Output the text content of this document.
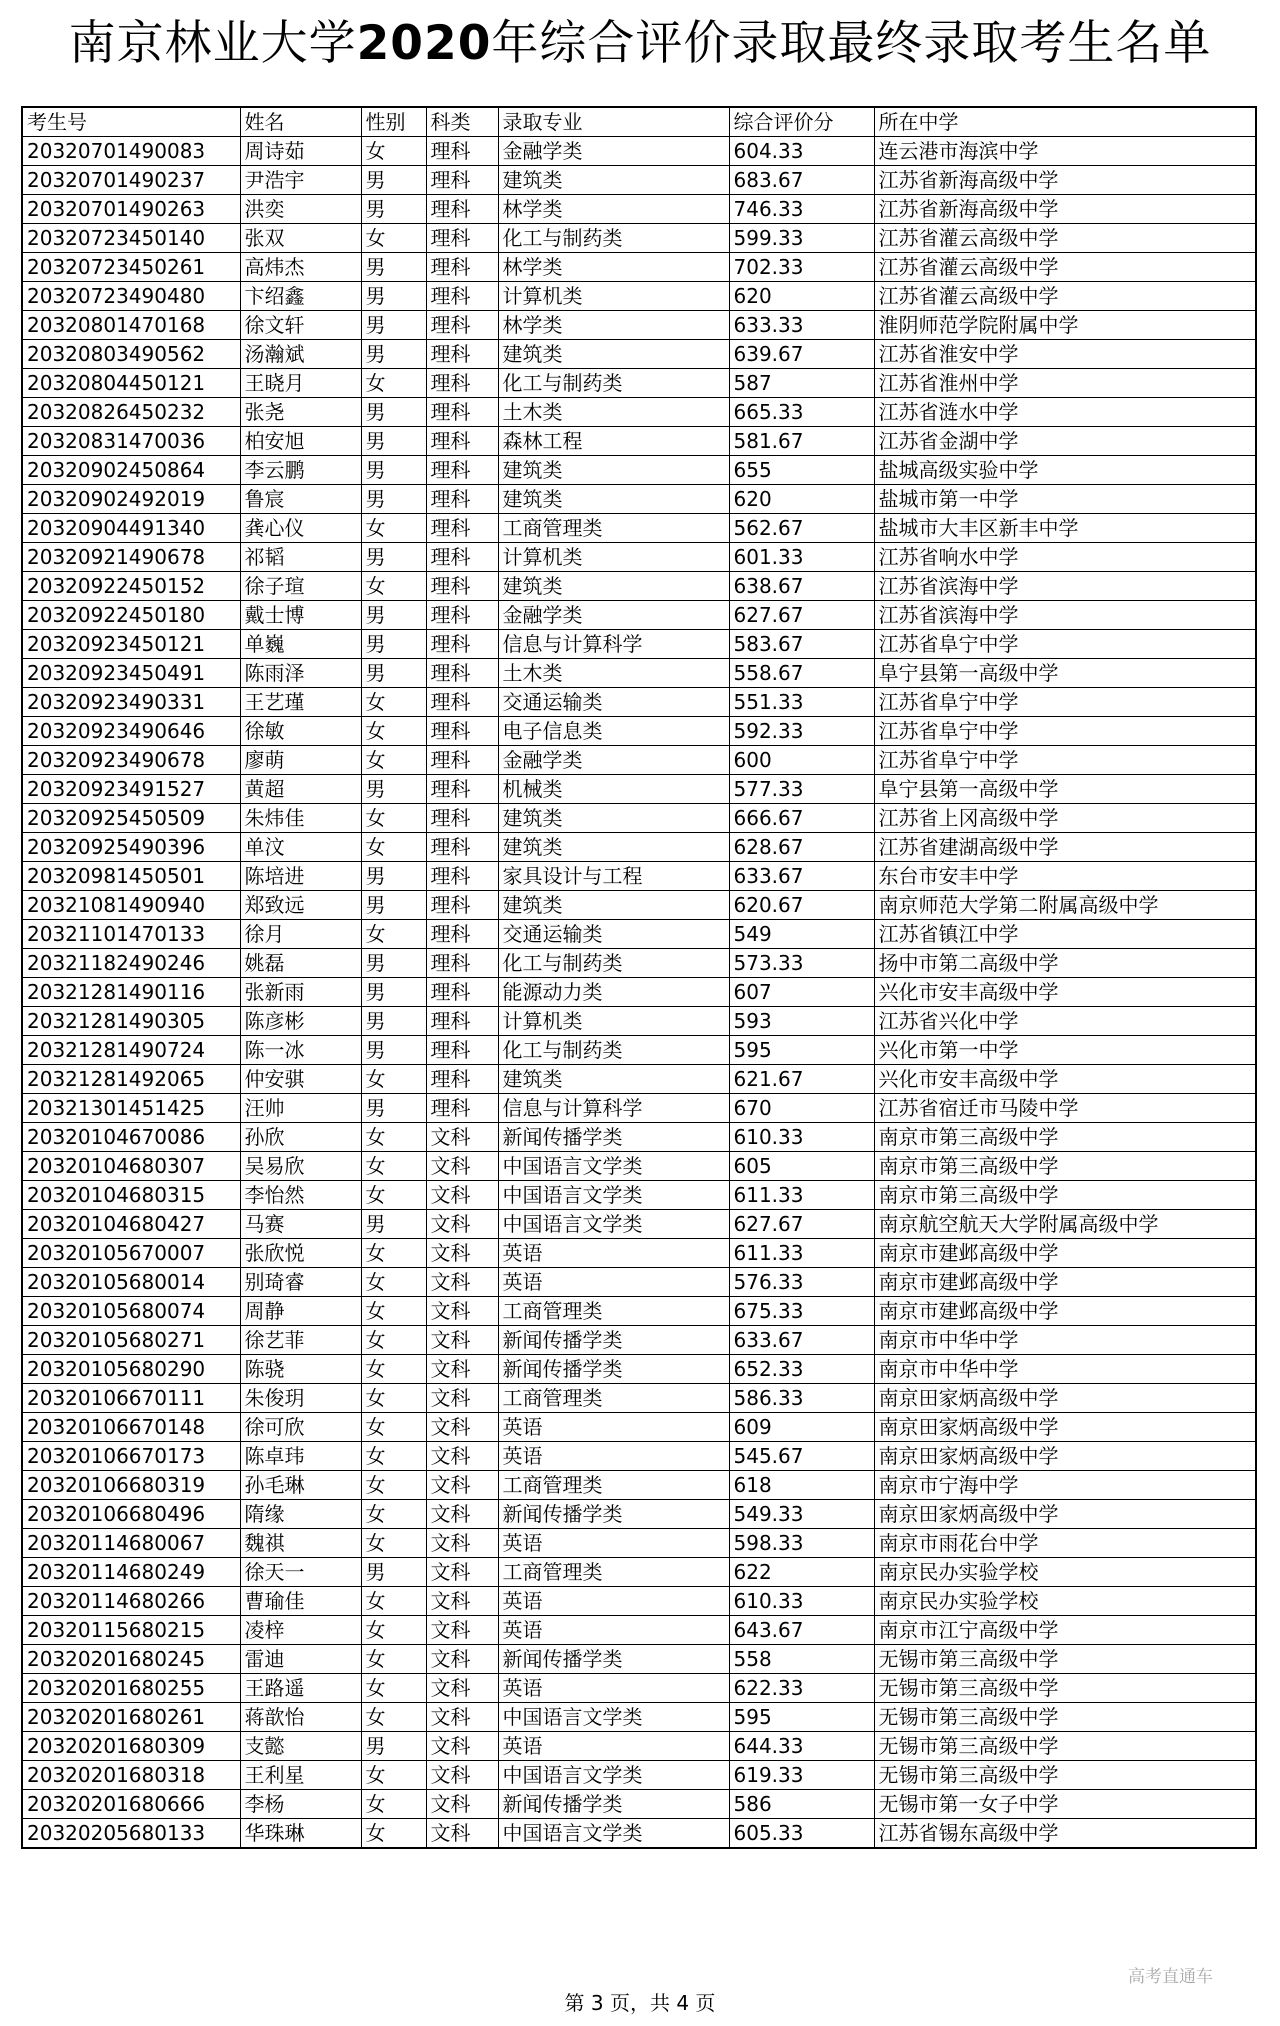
南京林业大学2020年综合评价录取最终录取考生名单
考生号	姓名	性别	科类	录取专业	综合评价分	所在中学
20320701490083	周诗茹	女	理科	金融学类	604.33	连云港市海滨中学
20320701490237	尹浩宇	男	理科	建筑类	683.67	江苏省新海高级中学
20320701490263	洪奕	男	理科	林学类	746.33	江苏省新海高级中学
20320723450140	张双	女	理科	化工与制药类	599.33	江苏省灌云高级中学
20320723450261	高炜杰	男	理科	林学类	702.33	江苏省灌云高级中学
20320723490480	卞绍鑫	男	理科	计算机类	620	江苏省灌云高级中学
20320801470168	徐文轩	男	理科	林学类	633.33	淮阴师范学院附属中学
20320803490562	汤瀚斌	男	理科	建筑类	639.67	江苏省淮安中学
20320804450121	王晓月	女	理科	化工与制药类	587	江苏省淮州中学
20320826450232	张尧	男	理科	土木类	665.33	江苏省涟水中学
20320831470036	柏安旭	男	理科	森林工程	581.67	江苏省金湖中学
20320902450864	李云鹏	男	理科	建筑类	655	盐城高级实验中学
20320902492019	鲁宸	男	理科	建筑类	620	盐城市第一中学
20320904491340	龚心仪	女	理科	工商管理类	562.67	盐城市大丰区新丰中学
20320921490678	祁韬	男	理科	计算机类	601.33	江苏省响水中学
20320922450152	徐子瑄	女	理科	建筑类	638.67	江苏省滨海中学
20320922450180	戴士博	男	理科	金融学类	627.67	江苏省滨海中学
20320923450121	单巍	男	理科	信息与计算科学	583.67	江苏省阜宁中学
20320923450491	陈雨泽	男	理科	土木类	558.67	阜宁县第一高级中学
20320923490331	王艺瑾	女	理科	交通运输类	551.33	江苏省阜宁中学
20320923490646	徐敏	女	理科	电子信息类	592.33	江苏省阜宁中学
20320923490678	廖萌	女	理科	金融学类	600	江苏省阜宁中学
20320923491527	黄超	男	理科	机械类	577.33	阜宁县第一高级中学
20320925450509	朱炜佳	女	理科	建筑类	666.67	江苏省上冈高级中学
20320925490396	单汶	女	理科	建筑类	628.67	江苏省建湖高级中学
20320981450501	陈培进	男	理科	家具设计与工程	633.67	东台市安丰中学
20321081490940	郑致远	男	理科	建筑类	620.67	南京师范大学第二附属高级中学
20321101470133	徐月	女	理科	交通运输类	549	江苏省镇江中学
20321182490246	姚磊	男	理科	化工与制药类	573.33	扬中市第二高级中学
20321281490116	张新雨	男	理科	能源动力类	607	兴化市安丰高级中学
20321281490305	陈彦彬	男	理科	计算机类	593	江苏省兴化中学
20321281490724	陈一冰	男	理科	化工与制药类	595	兴化市第一中学
20321281492065	仲安骐	女	理科	建筑类	621.67	兴化市安丰高级中学
20321301451425	汪帅	男	理科	信息与计算科学	670	江苏省宿迁市马陵中学
20320104670086	孙欣	女	文科	新闻传播学类	610.33	南京市第三高级中学
20320104680307	吴易欣	女	文科	中国语言文学类	605	南京市第三高级中学
20320104680315	李怡然	女	文科	中国语言文学类	611.33	南京市第三高级中学
20320104680427	马赛	男	文科	中国语言文学类	627.67	南京航空航天大学附属高级中学
20320105670007	张欣悦	女	文科	英语	611.33	南京市建邺高级中学
20320105680014	别琦睿	女	文科	英语	576.33	南京市建邺高级中学
20320105680074	周静	女	文科	工商管理类	675.33	南京市建邺高级中学
20320105680271	徐艺菲	女	文科	新闻传播学类	633.67	南京市中华中学
20320105680290	陈骁	女	文科	新闻传播学类	652.33	南京市中华中学
20320106670111	朱俊玥	女	文科	工商管理类	586.33	南京田家炳高级中学
20320106670148	徐可欣	女	文科	英语	609	南京田家炳高级中学
20320106670173	陈卓玮	女	文科	英语	545.67	南京田家炳高级中学
20320106680319	孙毛琳	女	文科	工商管理类	618	南京市宁海中学
20320106680496	隋缘	女	文科	新闻传播学类	549.33	南京田家炳高级中学
20320114680067	魏祺	女	文科	英语	598.33	南京市雨花台中学
20320114680249	徐天一	男	文科	工商管理类	622	南京民办实验学校
20320114680266	曹瑜佳	女	文科	英语	610.33	南京民办实验学校
20320115680215	凌梓	女	文科	英语	643.67	南京市江宁高级中学
20320201680245	雷迪	女	文科	新闻传播学类	558	无锡市第三高级中学
20320201680255	王路遥	女	文科	英语	622.33	无锡市第三高级中学
20320201680261	蒋歆怡	女	文科	中国语言文学类	595	无锡市第三高级中学
20320201680309	支懿	男	文科	英语	644.33	无锡市第三高级中学
20320201680318	王利星	女	文科	中国语言文学类	619.33	无锡市第三高级中学
20320201680666	李杨	女	文科	新闻传播学类	586	无锡市第一女子中学
20320205680133	华珠琳	女	文科	中国语言文学类	605.33	江苏省锡东高级中学
第 3 页，共 4 页
高考直通车
